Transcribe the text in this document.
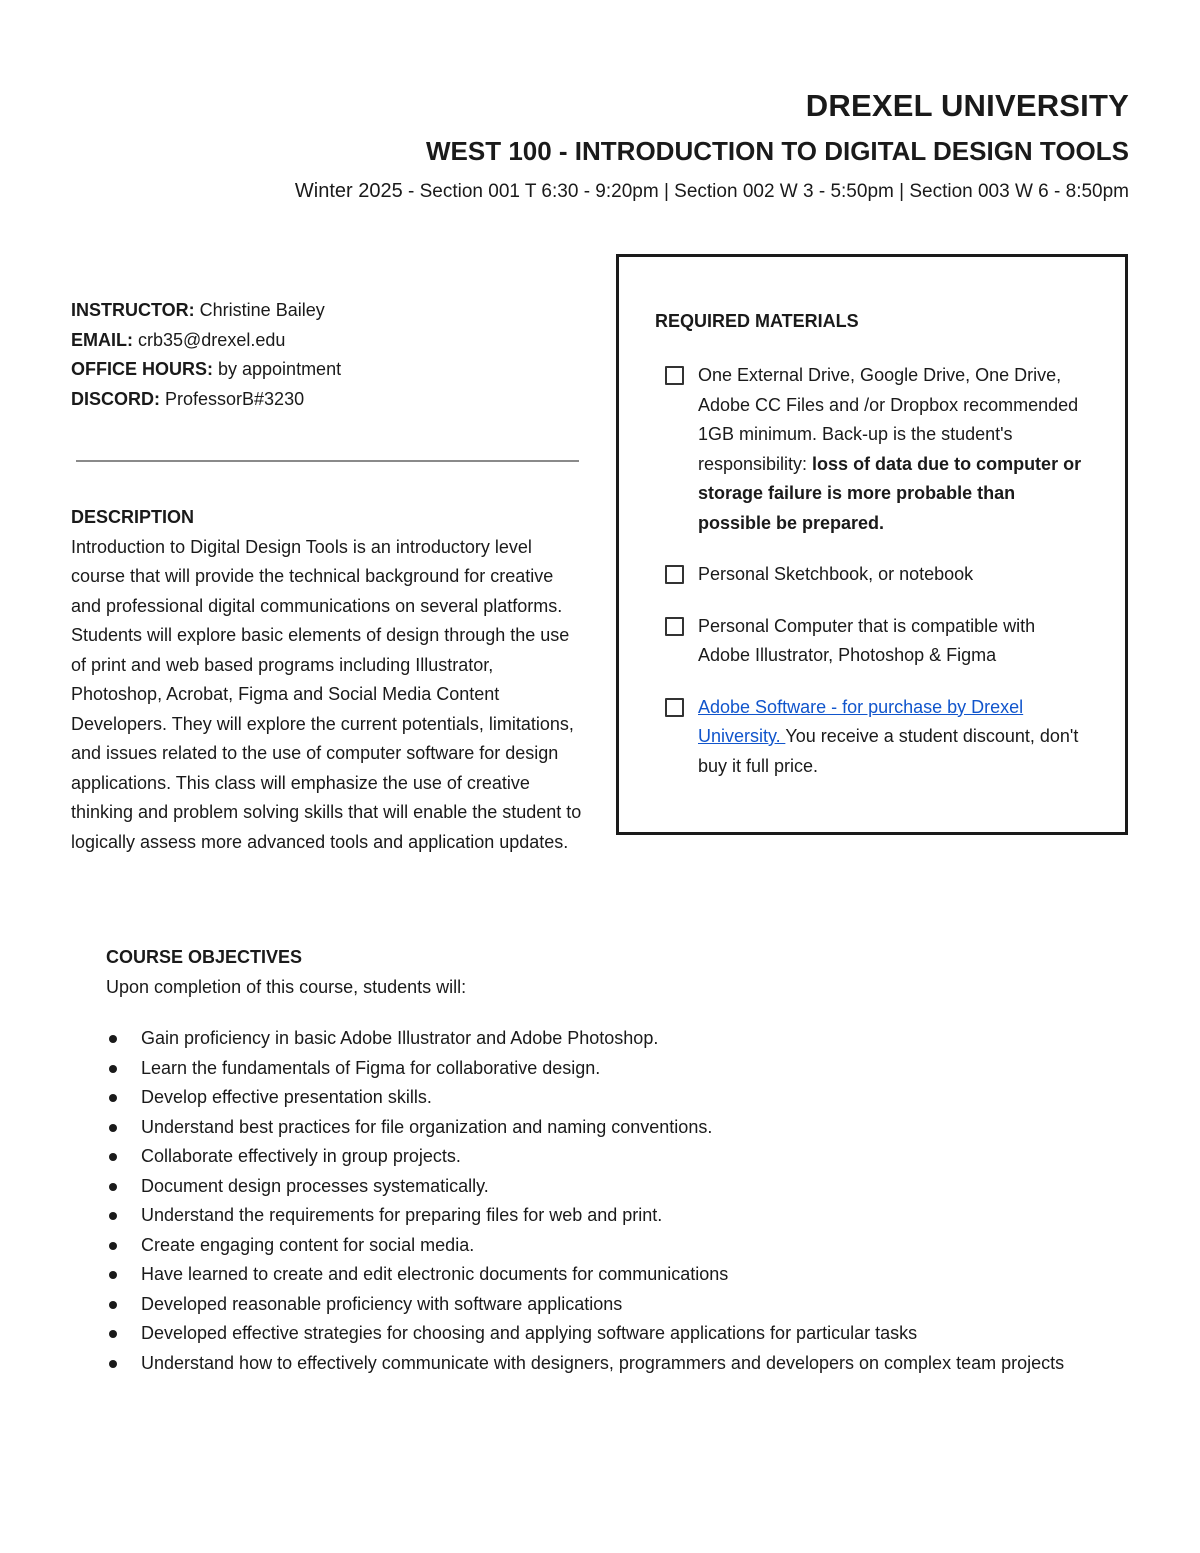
DREXEL UNIVERSITY
WEST 100 - INTRODUCTION TO DIGITAL DESIGN TOOLS
Winter 2025 - Section 001 T 6:30 - 9:20pm | Section 002 W 3 - 5:50pm | Section 003 W 6 - 8:50pm
INSTRUCTOR: Christine Bailey
EMAIL: crb35@drexel.edu
OFFICE HOURS: by appointment
DISCORD: ProfessorB#3230
DESCRIPTION
Introduction to Digital Design Tools is an introductory level course that will provide the technical background for creative and professional digital communications on several platforms. Students will explore basic elements of design through the use of print and web based programs including Illustrator, Photoshop, Acrobat, Figma and Social Media Content Developers. They will explore the current potentials, limitations, and issues related to the use of computer software for design applications. This class will emphasize the use of creative thinking and problem solving skills that will enable the student to logically assess more advanced tools and application updates.
REQUIRED MATERIALS
One External Drive, Google Drive, One Drive, Adobe CC Files and /or Dropbox recommended 1GB minimum. Back-up is the student's responsibility: loss of data due to computer or storage failure is more probable than possible be prepared.
Personal Sketchbook, or notebook
Personal Computer that is compatible with Adobe Illustrator, Photoshop & Figma
Adobe Software - for purchase by Drexel University. You receive a student discount, don't buy it full price.
COURSE OBJECTIVES
Upon completion of this course, students will:
Gain proficiency in basic Adobe Illustrator and Adobe Photoshop.
Learn the fundamentals of Figma for collaborative design.
Develop effective presentation skills.
Understand best practices for file organization and naming conventions.
Collaborate effectively in group projects.
Document design processes systematically.
Understand the requirements for preparing files for web and print.
Create engaging content for social media.
Have learned to create and edit electronic documents for communications
Developed reasonable proficiency with software applications
Developed effective strategies for choosing and applying software applications for particular tasks
Understand how to effectively communicate with designers, programmers and developers on complex team projects
